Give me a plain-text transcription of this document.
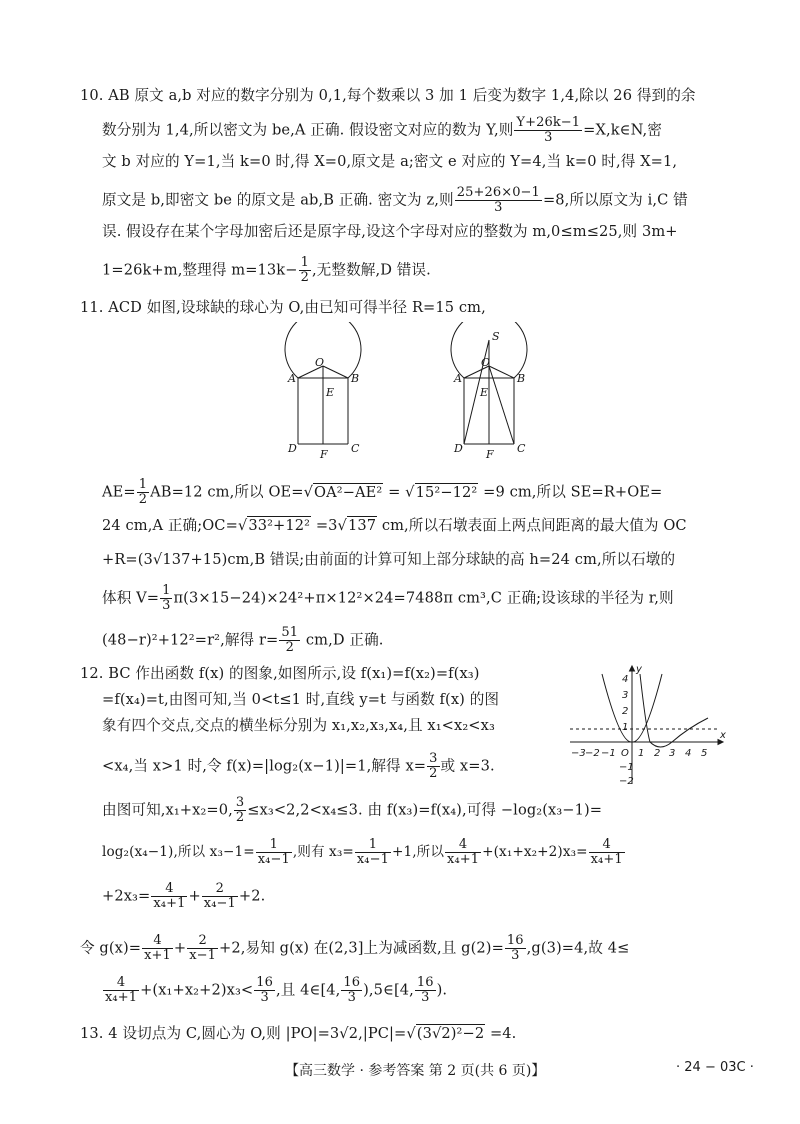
10. AB 原文 a,b 对应的数字分别为 0,1,每个数乘以 3 加 1 后变为数字 1,4,除以 26 得到的余
数分别为 1,4,所以密文为 be,A 正确. 假设密文对应的数为 Y,则 $\frac{Y+26k-1}{3}$ =X,k∈N,密
文 b 对应的 Y=1,当 k=0 时,得 X=0,原文是 a;密文 e 对应的 Y=4,当 k=0 时,得 X=1,
原文是 b,即密文 be 的原文是 ab,B 正确. 密文为 z,则 $\frac{25+26\times 0-1}{3} =8$,所以原文为 i,C 错
误. 假设存在某个字母加密后还是原字母,设这个字母对应的整数为 m,0≤m≤25,则 3m+
1=26k+m,整理得 $m=13k- \frac{1}{2}$ ,无整数解,D 错误.
11. ACD 如图,设球缺的球心为 O,由已知可得半径 R=15 cm,
A	B
O
E
D	C
F
A	B
O
S
E
D	C
F
$AE= \frac{1}{2} AB=12$ cm,所以 OE=√OA²−AE² = √15²−12² =9 cm,所以 SE=R+OE=
24 cm,A 正确;OC=√33²+12² =3√137 cm,所以石墩表面上两点间距离的最大值为 OC
+R=(3√137+15)cm,B 错误;由前面的计算可知上部分球缺的高 h=24 cm,所以石墩的
体积 $V= \frac{1}{3} \pi(3\times 15-24)\times 24^2+\pi\times 12^2\times 24=7488\pi$ cm³,C 正确;设该球的半径为 r,则
(48−r)²+12²=r²,解得 $r= \frac{51}{2} cm,D$ 正确.
12. BC 作出函数 f(x) 的图象,如图所示,设 f(x₁)=f(x₂)=f(x₃)
=f(x₄)=t,由图可知,当 0<t≤1 时,直线 y=t 与函数 f(x) 的图
象有四个交点,交点的横坐标分别为 x₁,x₂,x₃,x₄,且 x₁<x₂<x₃
<x₄,当 x>1 时,令 f(x)=|log₂(x−1)|=1,解得 $x= \frac{3}{2}$ 或 x=3.
−3 −2 −1 O 1 2 3 4 5
4
3
2
1
−1
−2
x
y
由图可知,x₁+x₂=0, $\frac{3}{2} \le x_3<2,2<x_4\le 3$. 由 f(x₃)=f(x₄),可得 −log₂(x₃−1)=
log₂(x₄−1),所以 $x_3-1= \frac{1}{\text{x₄−1}}$ ,则有 $x_3= \frac{1}{\text{x₄−1}} +1$,所以 $\frac{4}{\text{x₄+1}} +(x_1+x_2+2)x_3= \frac{4}{\text{x₄+1}}$
$+2x_3= \frac{4}{\text{x₄+1}} + \frac{2}{\text{x₄−1}} +2$.
令 $g(x)= \frac{4}{x+1} + \frac{2}{x-1} +2$,易知 g(x) 在(2,3]上为减函数,且 $g(2)= \frac{16}{3} ,g(3)=4$,故 4≤
$\frac{4}{\text{x₄+1}} +(x_1+x_2+2)x_3< \frac{16}{3}$ ,且 4∈[4, $\frac{16}{3}$ ),5∈[4, $\frac{16}{3}$ ).
13. 4 设切点为 C,圆心为 O,则 |PO|=3√2,|PC|=√(3√2)²−2 =4.
【高三数学 · 参考答案 第 2 页(共 6 页)】	· 24 − 03C ·
